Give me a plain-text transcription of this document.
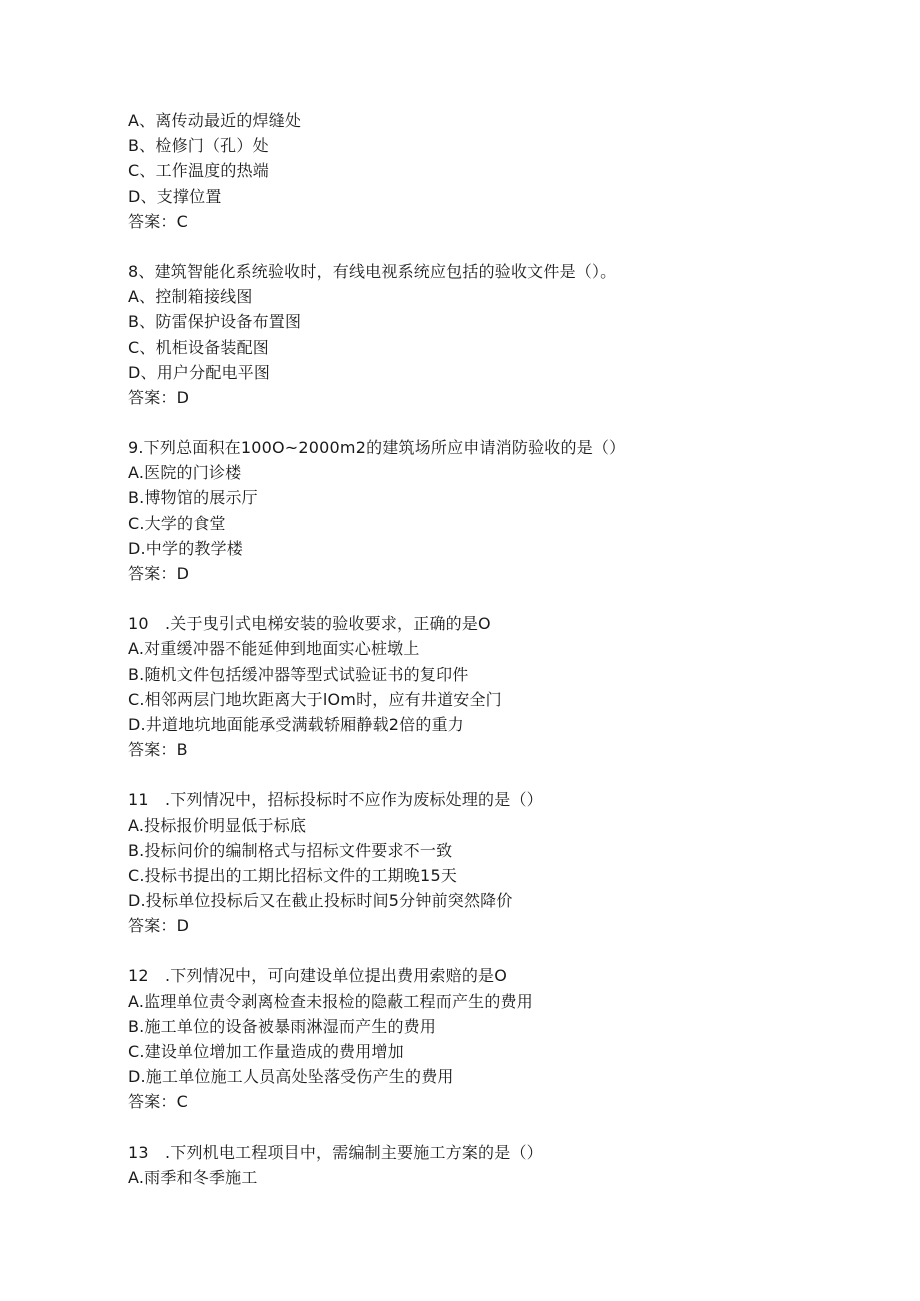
A、离传动最近的焊缝处
B、检修门（孔）处
C、工作温度的热端
D、支撑位置
答案：C
8、建筑智能化系统验收时，有线电视系统应包括的验收文件是（）。
A、控制箱接线图
B、防雷保护设备布置图
C、机柜设备装配图
D、用户分配电平图
答案：D
9.下列总面积在100O~2000m2的建筑场所应申请消防验收的是（）
A.医院的门诊楼
B.博物馆的展示厅
C.大学的食堂
D.中学的教学楼
答案：D
10　.关于曳引式电梯安装的验收要求，正确的是O
A.对重缓冲器不能延伸到地面实心桩墩上
B.随机文件包括缓冲器等型式试验证书的复印件
C.相邻两层门地坎距离大于lOm时，应有井道安全门
D.井道地坑地面能承受满载轿厢静载2倍的重力
答案：B
11　.下列情况中，招标投标时不应作为废标处理的是（）
A.投标报价明显低于标底
B.投标问价的编制格式与招标文件要求不一致
C.投标书提出的工期比招标文件的工期晚15天
D.投标单位投标后又在截止投标时间5分钟前突然降价
答案：D
12　.下列情况中，可向建设单位提出费用索赔的是O
A.监理单位责令剥离检查未报检的隐蔽工程而产生的费用
B.施工单位的设备被暴雨淋湿而产生的费用
C.建设单位增加工作量造成的费用增加
D.施工单位施工人员高处坠落受伤产生的费用
答案：C
13　.下列机电工程项目中，需编制主要施工方案的是（）
A.雨季和冬季施工
